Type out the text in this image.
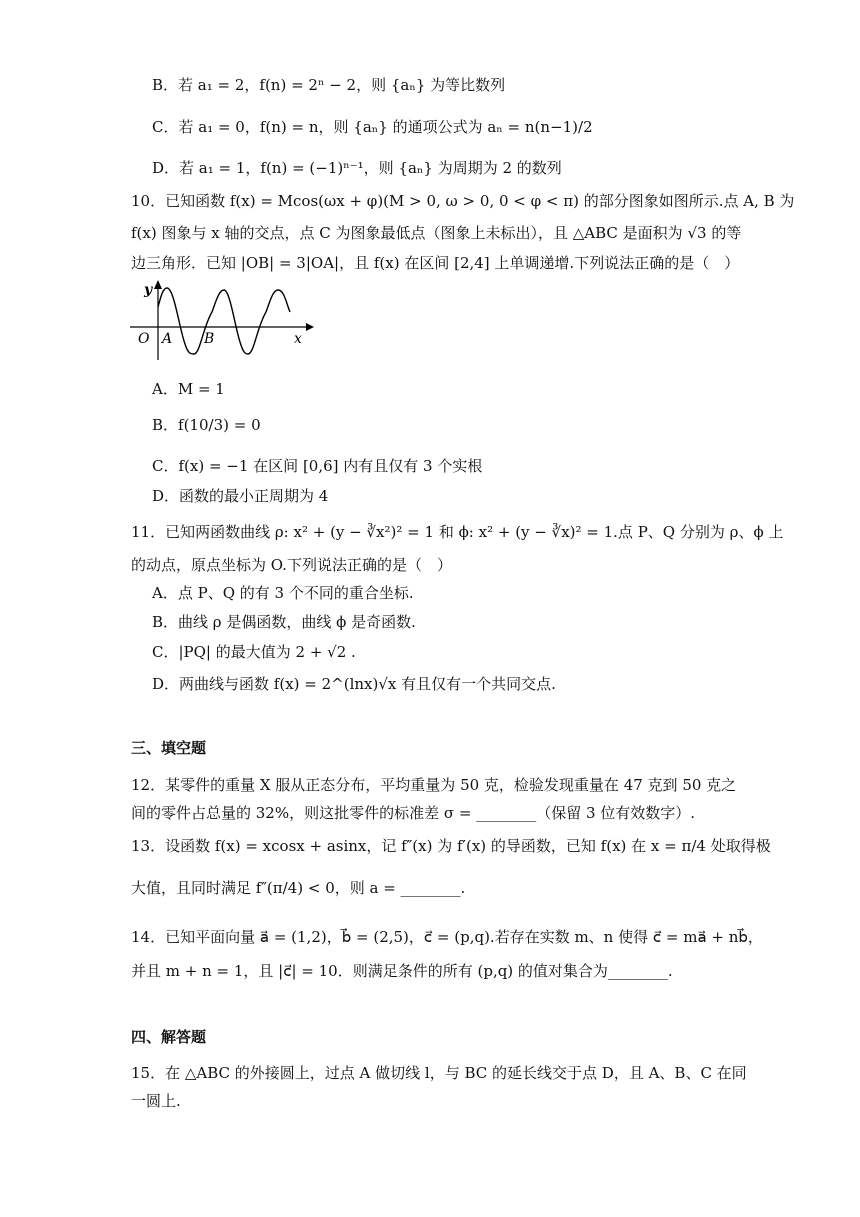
B．若 a₁ = 2，f(n) = 2ⁿ − 2，则 {aₙ} 为等比数列
C．若 a₁ = 0，f(n) = n，则 {aₙ} 的通项公式为 aₙ = n(n−1)/2
D．若 a₁ = 1，f(n) = (−1)ⁿ⁻¹，则 {aₙ} 为周期为 2 的数列
10．已知函数 f(x) = Mcos(ωx + φ)(M > 0, ω > 0, 0 < φ < π) 的部分图象如图所示.点 A, B 为
f(x) 图象与 x 轴的交点，点 C 为图象最低点（图象上未标出），且 △ABC 是面积为 √3 的等
边三角形．已知 |OB| = 3|OA|，且 f(x) 在区间 [2,4] 上单调递增.下列说法正确的是（　）
y
O A B	x
A．M = 1
B．f(10/3) = 0
C．f(x) = −1 在区间 [0,6] 内有且仅有 3 个实根
D．函数的最小正周期为 4
11．已知两函数曲线 ρ: x² + (y − ∛x²)² = 1 和 ϕ: x² + (y − ∛x)² = 1.点 P、Q 分别为 ρ、ϕ 上
的动点，原点坐标为 O.下列说法正确的是（　）
A．点 P、Q 的有 3 个不同的重合坐标.
B．曲线 ρ 是偶函数，曲线 ϕ 是奇函数.
C．|PQ| 的最大值为 2 + √2 .
D．两曲线与函数 f(x) = 2^(lnx)√x 有且仅有一个共同交点.
三、填空题
12．某零件的重量 X 服从正态分布，平均重量为 50 克，检验发现重量在 47 克到 50 克之
间的零件占总量的 32%，则这批零件的标准差 σ = ________（保留 3 位有效数字）.
13．设函数 f(x) = xcosx + asinx，记 f″(x) 为 f′(x) 的导函数，已知 f(x) 在 x = π/4 处取得极
大值，且同时满足 f″(π/4) < 0，则 a = ________.
14．已知平面向量 a⃗ = (1,2)，b⃗ = (2,5)，c⃗ = (p,q).若存在实数 m、n 使得 c⃗ = ma⃗ + nb⃗，
并且 m + n = 1，且 |c⃗| = 10．则满足条件的所有 (p,q) 的值对集合为________.
四、解答题
15．在 △ABC 的外接圆上，过点 A 做切线 l，与 BC 的延长线交于点 D，且 A、B、C 在同
一圆上.
